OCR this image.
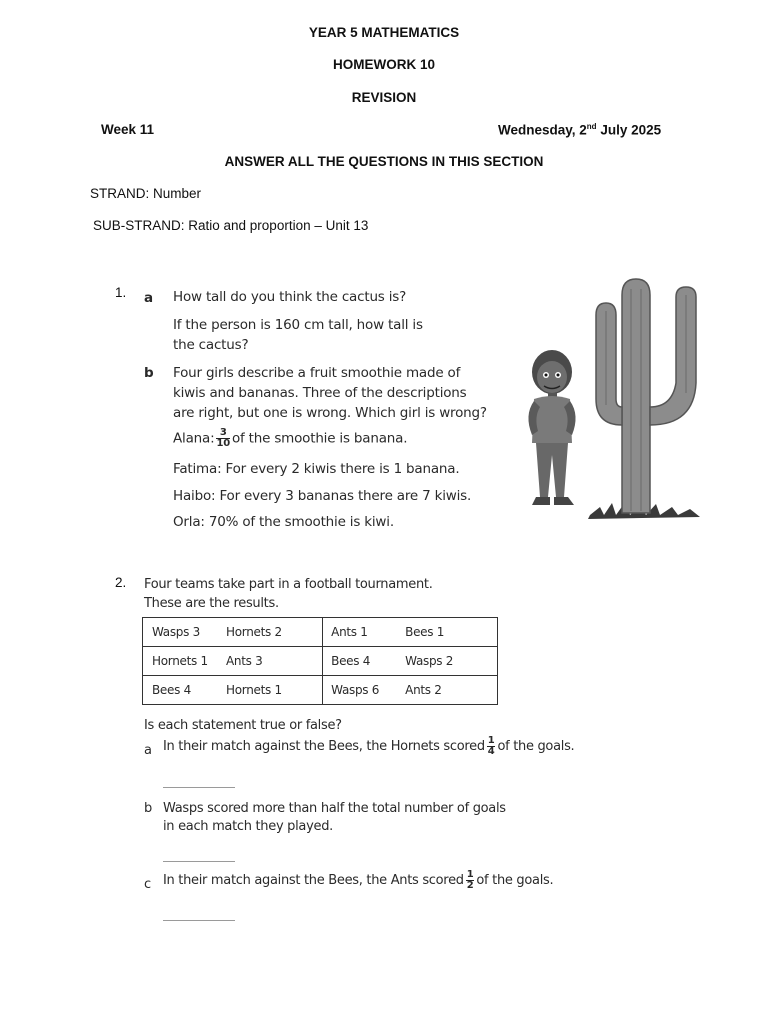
YEAR 5 MATHEMATICS
HOMEWORK 10
REVISION
Week 11	Wednesday, 2nd July 2025
ANSWER ALL THE QUESTIONS IN THIS SECTION
STRAND: Number
SUB-STRAND: Ratio and proportion – Unit 13
1. a How tall do you think the cactus is?
If the person is 160 cm tall, how tall is
the cactus?
b Four girls describe a fruit smoothie made of
kiwis and bananas. Three of the descriptions
are right, but one is wrong. Which girl is wrong?
Alana: $\frac{3}{10}$ of the smoothie is banana.
Fatima: For every 2 kiwis there is 1 banana.
Haibo: For every 3 bananas there are 7 kiwis.
Orla: 70% of the smoothie is kiwi.
2. Four teams take part in a football tournament.
These are the results.
Wasps 3 Hornets 2	Ants 1 Bees 1

Hornets 1 Ants 3	Bees 4 Wasps 2

Bees 4 Hornets 1	Wasps 6 Ants 2
Is each statement true or false?
a In their match against the Bees, the Hornets scored $\frac{1}{4}$ of the goals.
b Wasps scored more than half the total number of goals
in each match they played.
c In their match against the Bees, the Ants scored $\frac{1}{2}$ of the goals.
